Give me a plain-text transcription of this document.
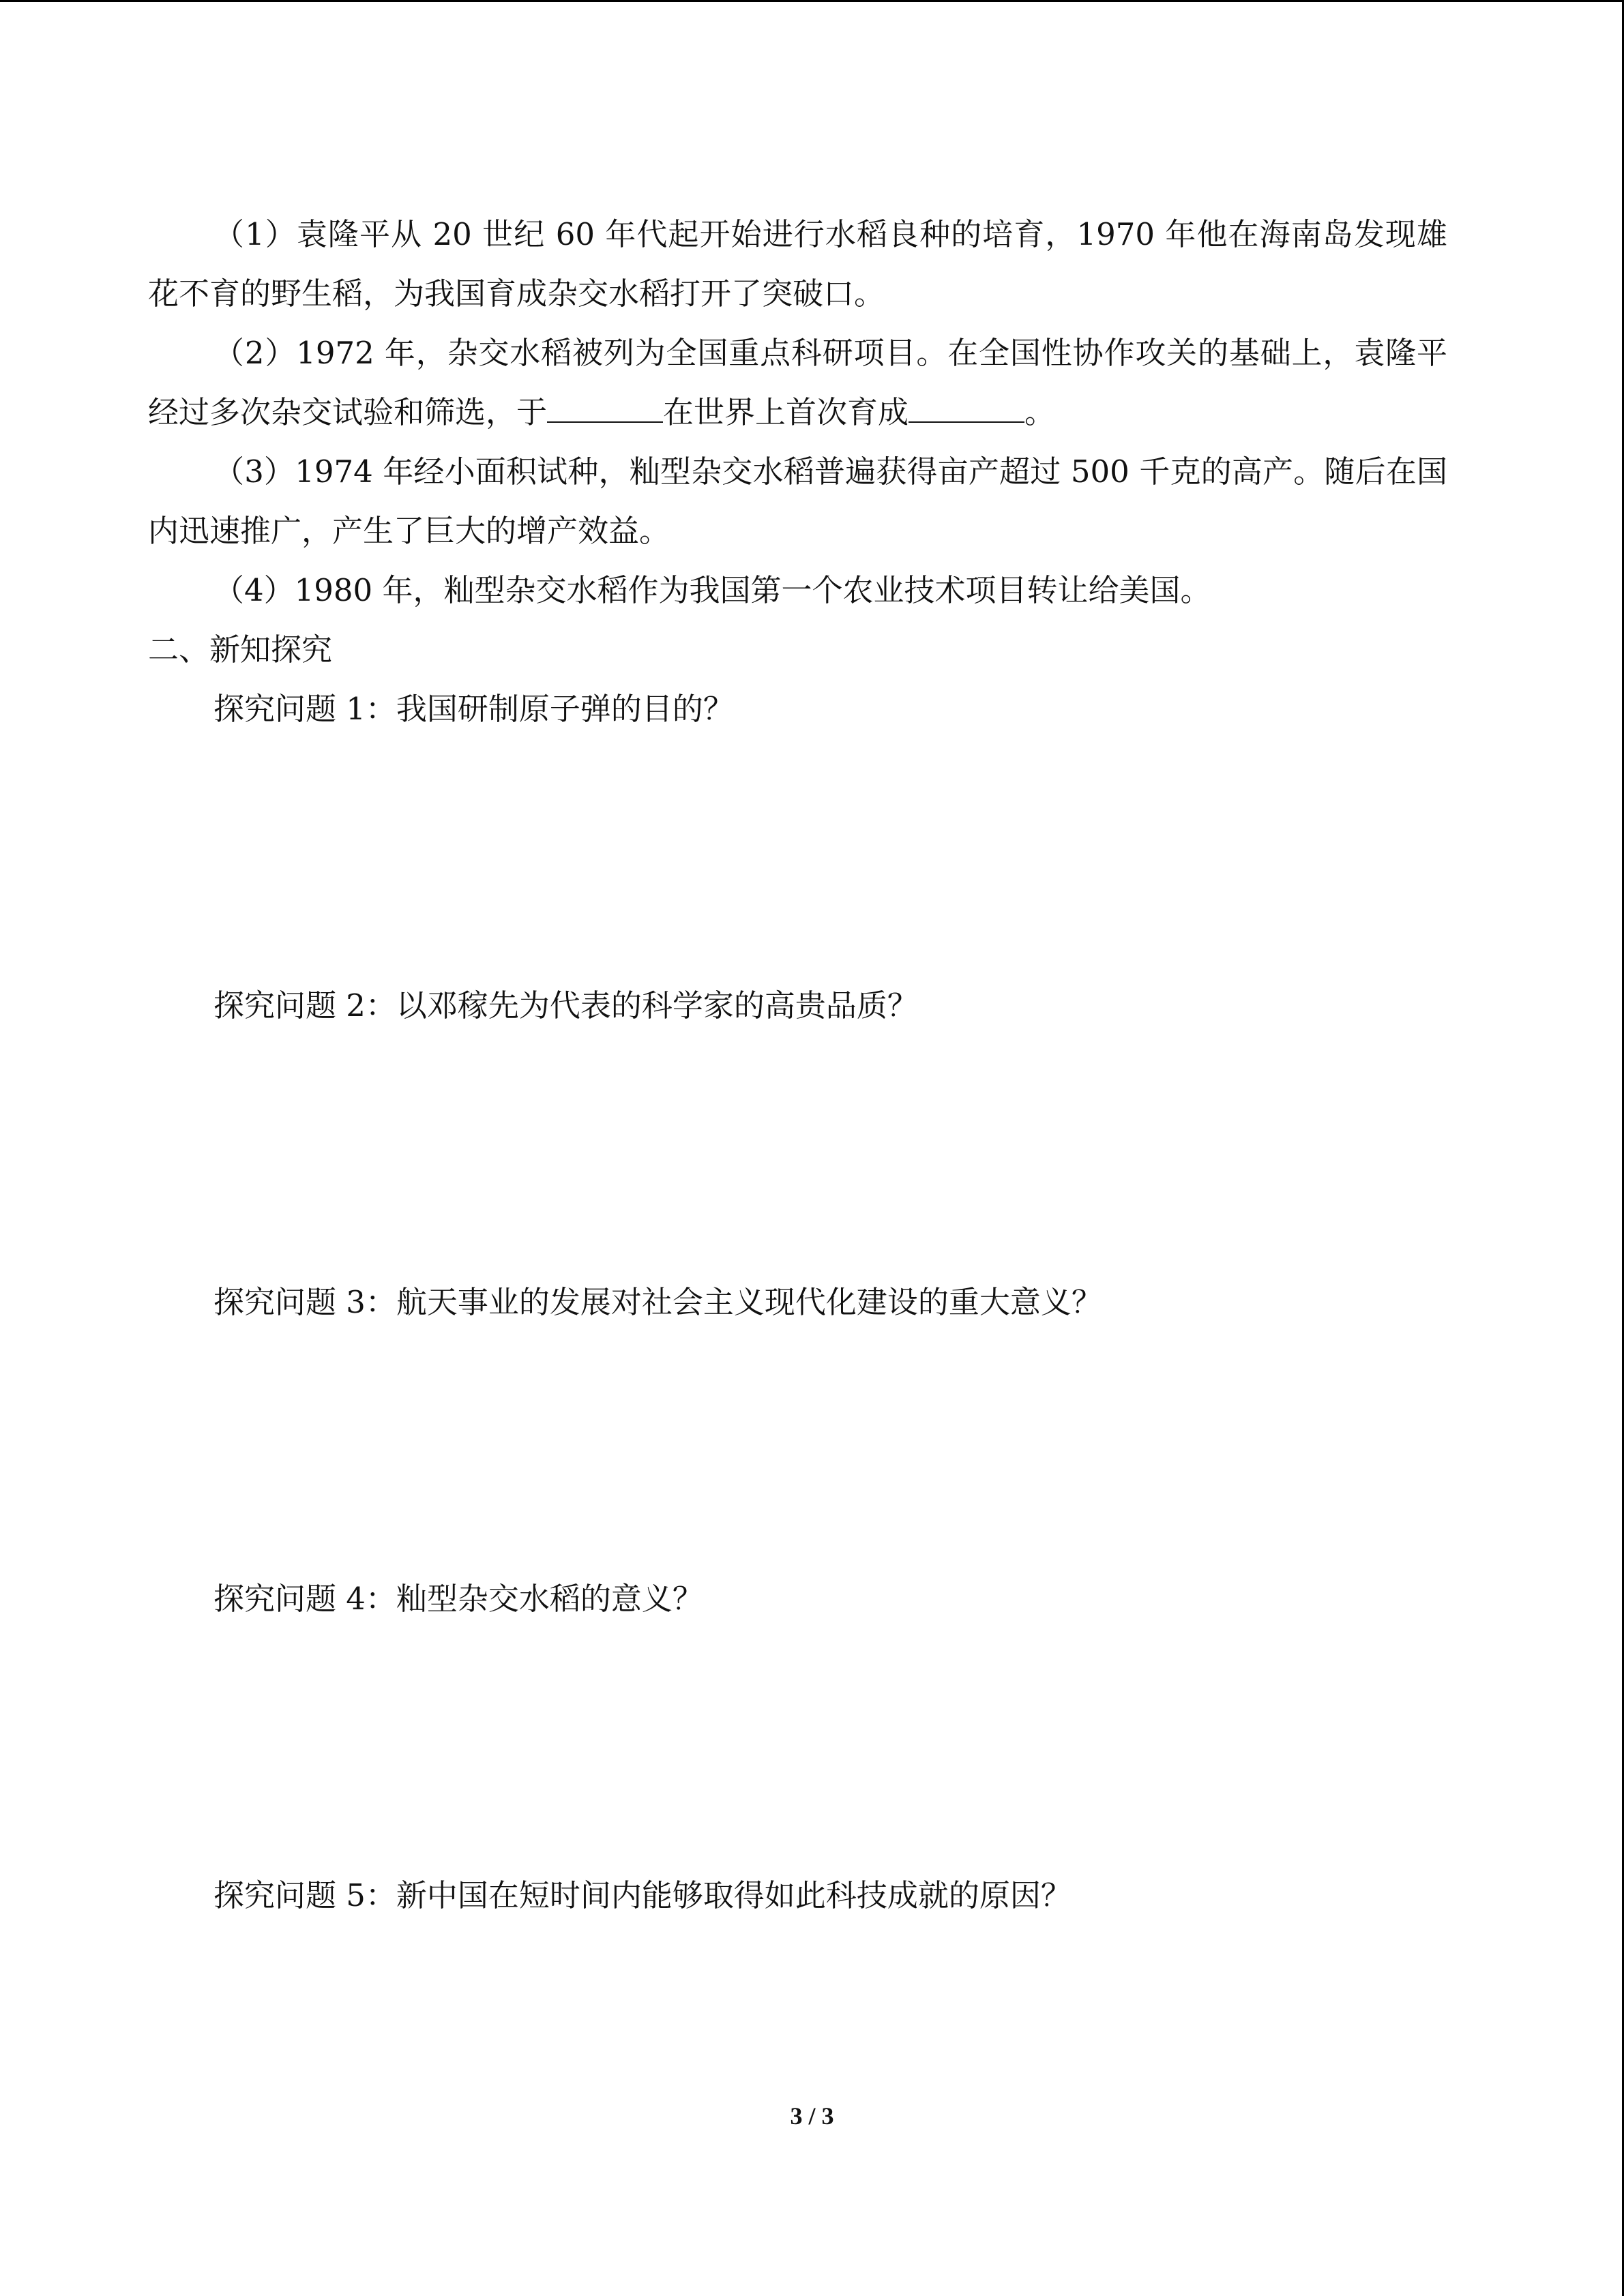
（1）袁隆平从 20 世纪 60 年代起开始进行水稻良种的培育，1970 年他在海南岛发现雄花不育的野生稻，为我国育成杂交水稻打开了突破口。

（2）1972 年，杂交水稻被列为全国重点科研项目。在全国性协作攻关的基础上，袁隆平经过多次杂交试验和筛选，于	在世界上首次育成	。

（3）1974 年经小面积试种，籼型杂交水稻普遍获得亩产超过 500 千克的高产。随后在国内迅速推广，产生了巨大的增产效益。

（4）1980 年，籼型杂交水稻作为我国第一个农业技术项目转让给美国。

二、新知探究

探究问题 1：我国研制原子弹的目的？

探究问题 2：以邓稼先为代表的科学家的高贵品质？

探究问题 3：航天事业的发展对社会主义现代化建设的重大意义？

探究问题 4：籼型杂交水稻的意义？

探究问题 5：新中国在短时间内能够取得如此科技成就的原因？

3 / 3
